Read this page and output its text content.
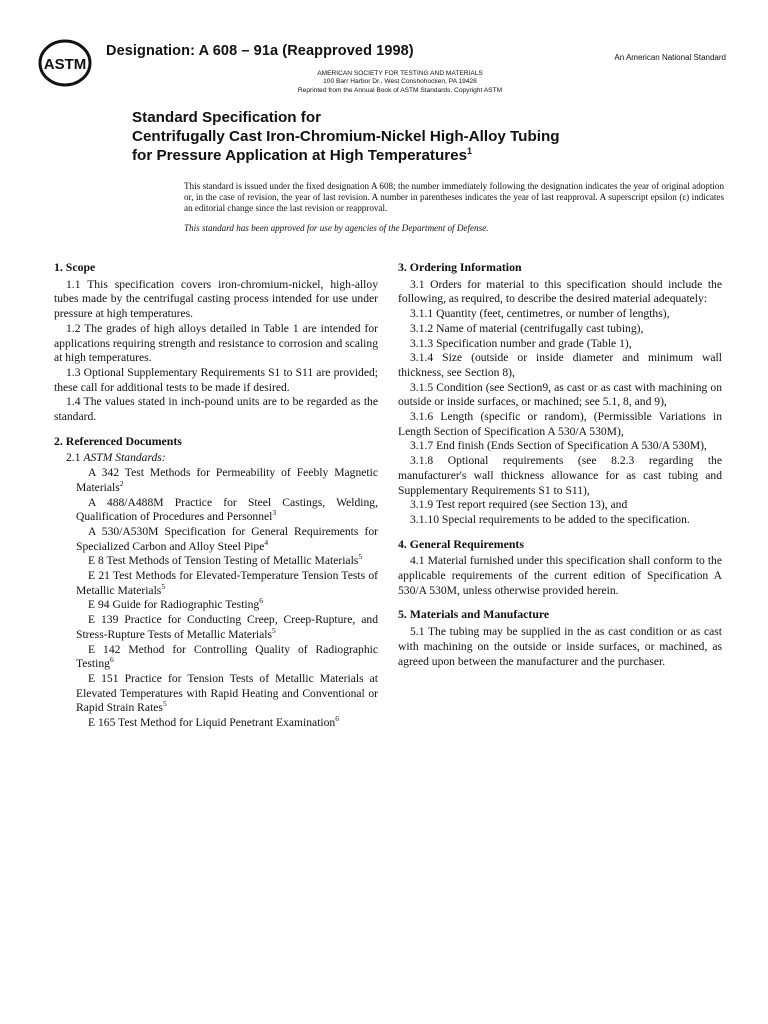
ASTM
Designation: A 608 – 91a (Reapproved 1998)	An American National Standard
AMERICAN SOCIETY FOR TESTING AND MATERIALS
100 Barr Harbor Dr., West Conshohocken, PA 19428
Reprinted from the Annual Book of ASTM Standards. Copyright ASTM
Standard Specification for
Centrifugally Cast Iron-Chromium-Nickel High-Alloy Tubing
for Pressure Application at High Temperatures$^1$
This standard is issued under the fixed designation A 608; the number immediately following the designation indicates the year of original adoption or, in the case of revision, the year of last revision. A number in parentheses indicates the year of last reapproval. A superscript epsilon (ε) indicates an editorial change since the last revision or reapproval.
This standard has been approved for use by agencies of the Department of Defense.
1. Scope

1.1 This specification covers iron-chromium-nickel, high-alloy tubes made by the centrifugal casting process intended for use under pressure at high temperatures.

1.2 The grades of high alloys detailed in Table 1 are intended for applications requiring strength and resistance to corrosion and scaling at high temperatures.

1.3 Optional Supplementary Requirements S1 to S11 are provided; these call for additional tests to be made if desired.

1.4 The values stated in inch-pound units are to be regarded as the standard.

2. Referenced Documents

2.1 ASTM Standards:

A 342 Test Methods for Permeability of Feebly Magnetic Materials$^2$

A 488/A488M Practice for Steel Castings, Welding, Qualification of Procedures and Personnel$^3$

A 530/A530M Specification for General Requirements for Specialized Carbon and Alloy Steel Pipe$^4$

E 8 Test Methods of Tension Testing of Metallic Materials$^5$

E 21 Test Methods for Elevated-Temperature Tension Tests of Metallic Materials$^5$

E 94 Guide for Radiographic Testing$^6$

E 139 Practice for Conducting Creep, Creep-Rupture, and Stress-Rupture Tests of Metallic Materials$^5$

E 142 Method for Controlling Quality of Radiographic Testing$^6$

E 151 Practice for Tension Tests of Metallic Materials at Elevated Temperatures with Rapid Heating and Conventional or Rapid Strain Rates$^5$

E 165 Test Method for Liquid Penetrant Examination$^6$

3. Ordering Information

3.1 Orders for material to this specification should include the following, as required, to describe the desired material adequately:

3.1.1 Quantity (feet, centimetres, or number of lengths),

3.1.2 Name of material (centrifugally cast tubing),

3.1.3 Specification number and grade (Table 1),

3.1.4 Size (outside or inside diameter and minimum wall thickness, see Section 8),

3.1.5 Condition (see Section9, as cast or as cast with machining on outside or inside surfaces, or machined; see 5.1, 8, and 9),

3.1.6 Length (specific or random), (Permissible Variations in Length Section of Specification A 530/A 530M),

3.1.7 End finish (Ends Section of Specification A 530/A 530M),

3.1.8 Optional requirements (see 8.2.3 regarding the manufacturer's wall thickness allowance for as cast tubing and Supplementary Requirements S1 to S11),

3.1.9 Test report required (see Section 13), and

3.1.10 Special requirements to be added to the specification.

4. General Requirements

4.1 Material furnished under this specification shall conform to the applicable requirements of the current edition of Specification A 530/A 530M, unless otherwise provided herein.

5. Materials and Manufacture

5.1 The tubing may be supplied in the as cast condition or as cast with machining on the outside or inside surfaces, or machined, as agreed upon between the manufacturer and the purchaser.
